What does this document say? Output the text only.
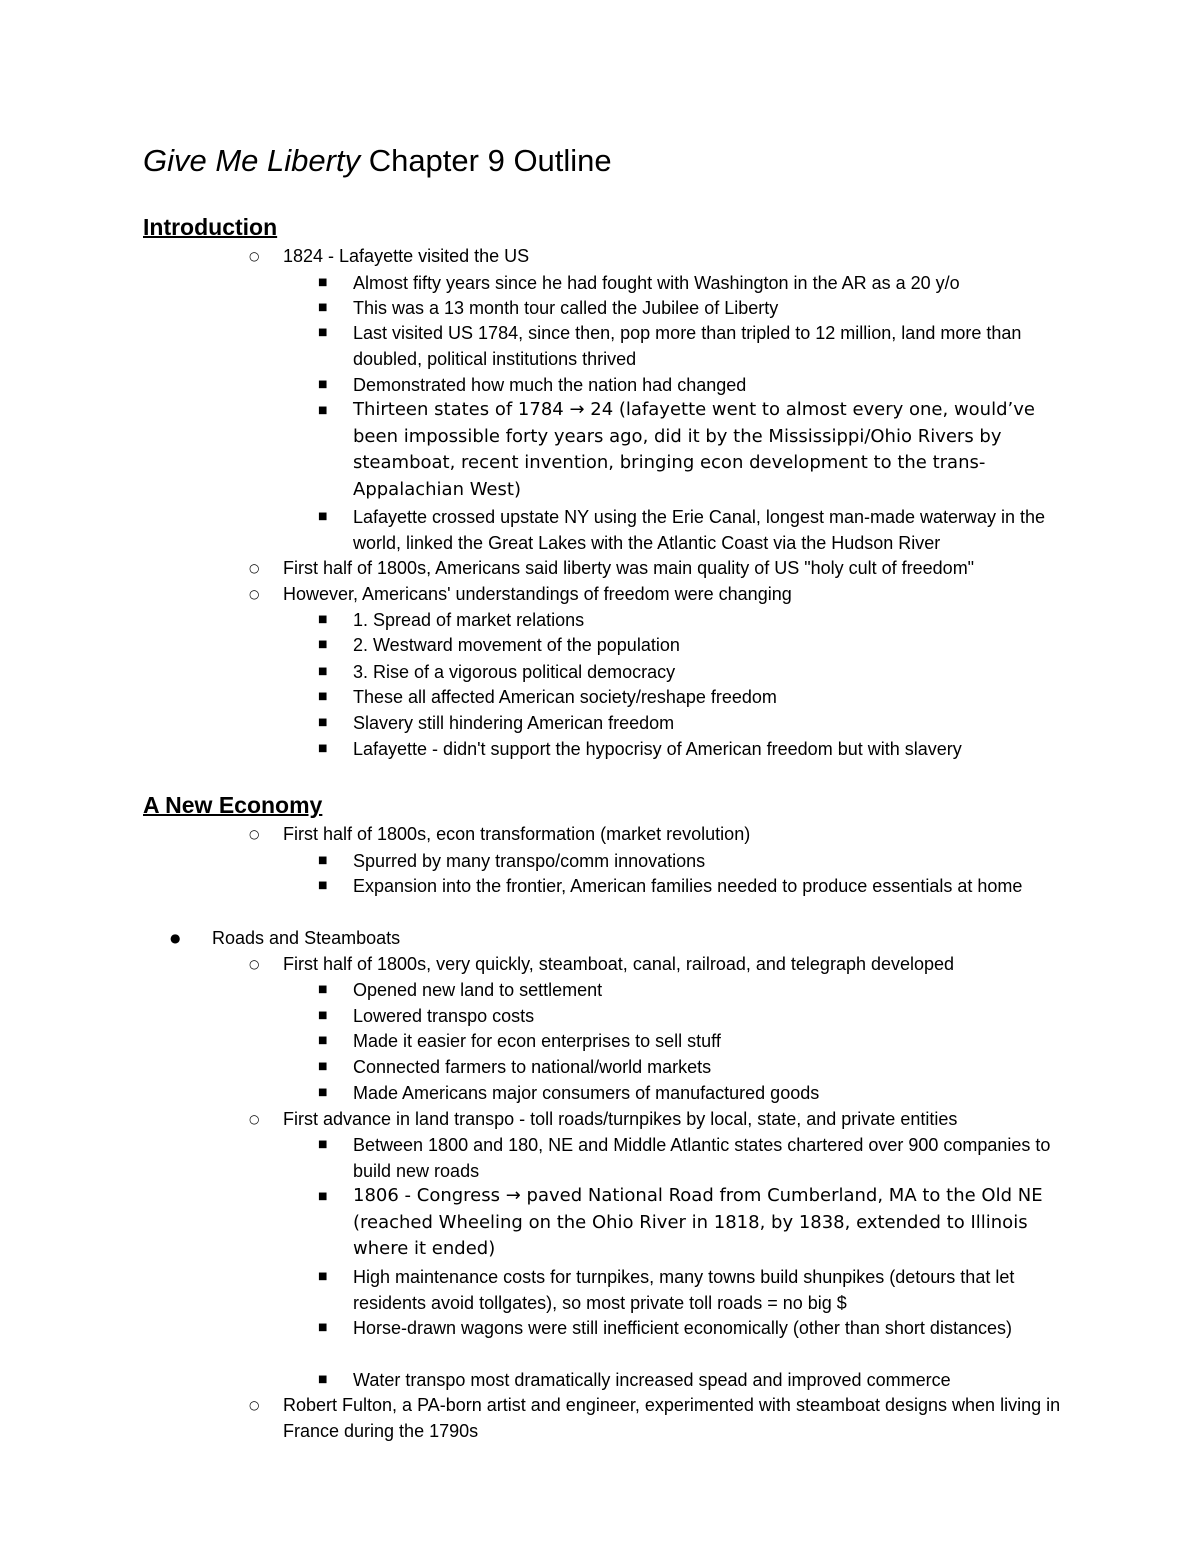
Give Me Liberty Chapter 9 Outline
Introduction
○ 1824 - Lafayette visited the US
■ Almost fifty years since he had fought with Washington in the AR as a 20 y/o
■ This was a 13 month tour called the Jubilee of Liberty
■ Last visited US 1784, since then, pop more than tripled to 12 million, land more than doubled, political institutions thrived
■ Demonstrated how much the nation had changed
■ Thirteen states of 1784 → 24 (lafayette went to almost every one, would’ve been impossible forty years ago, did it by the Mississippi/Ohio Rivers by steamboat, recent invention, bringing econ development to the trans-Appalachian West)
■ Lafayette crossed upstate NY using the Erie Canal, longest man-made waterway in the world, linked the Great Lakes with the Atlantic Coast via the Hudson River
○ First half of 1800s, Americans said liberty was main quality of US "holy cult of freedom"
○ However, Americans' understandings of freedom were changing
■ 1. Spread of market relations
■ 2. Westward movement of the population
■ 3. Rise of a vigorous political democracy
■ These all affected American society/reshape freedom
■ Slavery still hindering American freedom
■ Lafayette - didn't support the hypocrisy of American freedom but with slavery
A New Economy
○ First half of 1800s, econ transformation (market revolution)
■ Spurred by many transpo/comm innovations
■ Expansion into the frontier, American families needed to produce essentials at home
● Roads and Steamboats
○ First half of 1800s, very quickly, steamboat, canal, railroad, and telegraph developed
■ Opened new land to settlement
■ Lowered transpo costs
■ Made it easier for econ enterprises to sell stuff
■ Connected farmers to national/world markets
■ Made Americans major consumers of manufactured goods
○ First advance in land transpo - toll roads/turnpikes by local, state, and private entities
■ Between 1800 and 180, NE and Middle Atlantic states chartered over 900 companies to build new roads
■ 1806 - Congress → paved National Road from Cumberland, MA to the Old NE (reached Wheeling on the Ohio River in 1818, by 1838, extended to Illinois where it ended)
■ High maintenance costs for turnpikes, many towns build shunpikes (detours that let residents avoid tollgates), so most private toll roads = no big $
■ Horse-drawn wagons were still inefficient economically (other than short distances)
■ Water transpo most dramatically increased spead and improved commerce
○ Robert Fulton, a PA-born artist and engineer, experimented with steamboat designs when living in France during the 1790s
